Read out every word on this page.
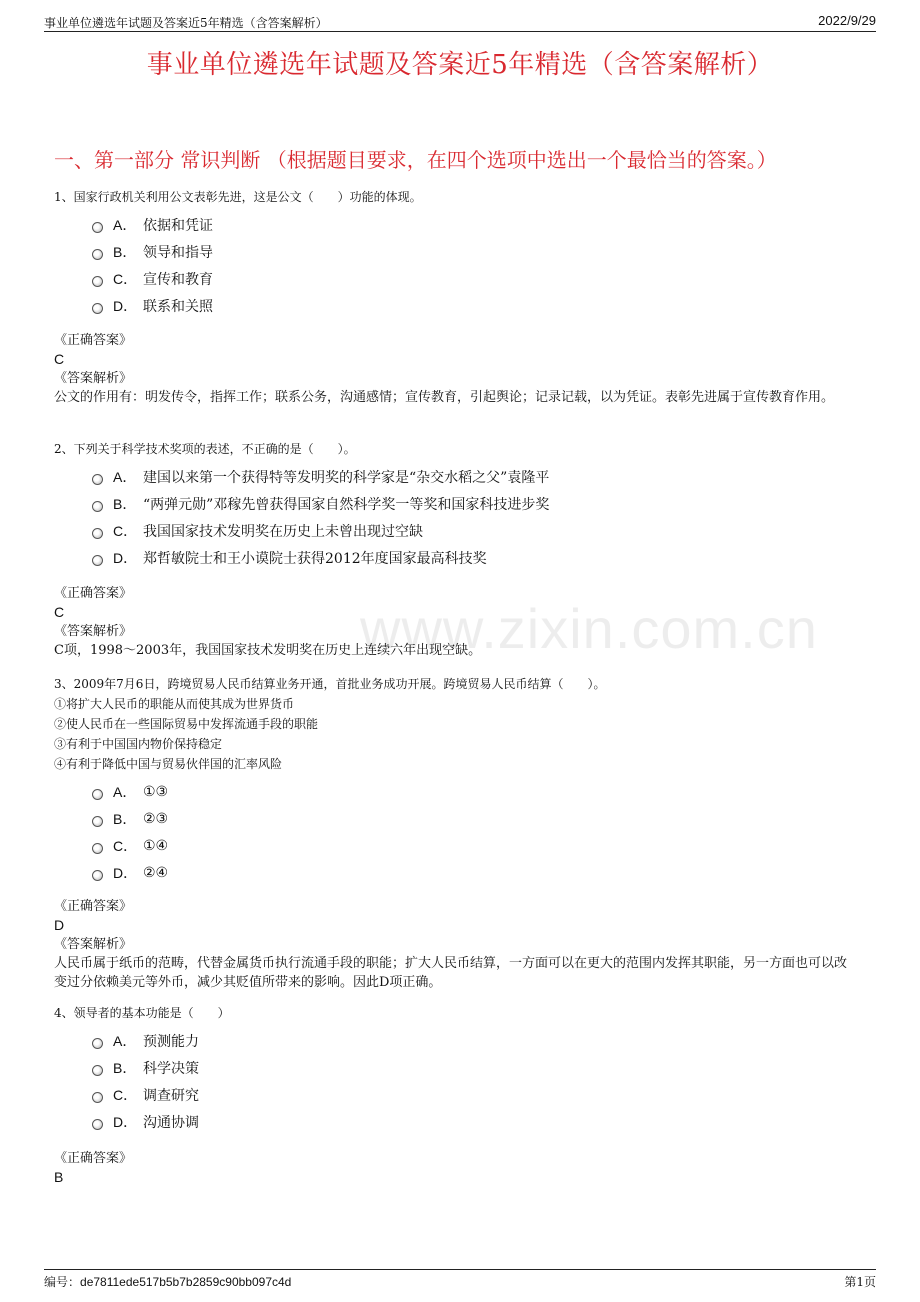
事业单位遴选年试题及答案近5年精选（含答案解析）	2022/9/29
事业单位遴选年试题及答案近5年精选（含答案解析）
一、第一部分 常识判断 （根据题目要求，在四个选项中选出一个最恰当的答案。）
www.zixin.com.cn

1、国家行政机关利用公文表彰先进，这是公文（　　）功能的体现。

A． 依据和凭证
B． 领导和指导
C． 宣传和教育
D． 联系和关照

《正确答案》

C

《答案解析》

公文的作用有：明发传令，指挥工作；联系公务，沟通感情；宣传教育，引起舆论；记录记载，以为凭证。表彰先进属于宣传教育作用。

2、下列关于科学技术奖项的表述，不正确的是（　　）。

A． 建国以来第一个获得特等发明奖的科学家是“杂交水稻之父”袁隆平
B． “两弹元勋”邓稼先曾获得国家自然科学奖一等奖和国家科技进步奖
C． 我国国家技术发明奖在历史上未曾出现过空缺
D． 郑哲敏院士和王小谟院士获得2012年度国家最高科技奖

《正确答案》

C

《答案解析》

C项，1998～2003年，我国国家技术发明奖在历史上连续六年出现空缺。

3、2009年7月6日，跨境贸易人民币结算业务开通，首批业务成功开展。跨境贸易人民币结算（　　）。

①将扩大人民币的职能从而使其成为世界货币

②使人民币在一些国际贸易中发挥流通手段的职能

③有利于中国国内物价保持稳定

④有利于降低中国与贸易伙伴国的汇率风险

A． ①③
B． ②③
C． ①④
D． ②④

《正确答案》

D

《答案解析》

人民币属于纸币的范畴，代替金属货币执行流通手段的职能；扩大人民币结算，一方面可以在更大的范围内发挥其职能，另一方面也可以改变过分依赖美元等外币，减少其贬值所带来的影响。因此D项正确。

4、领导者的基本功能是（　　）

A． 预测能力
B． 科学决策
C． 调查研究
D． 沟通协调

《正确答案》

B

编号：de7811ede517b5b7b2859c90bb097c4d	第1页
